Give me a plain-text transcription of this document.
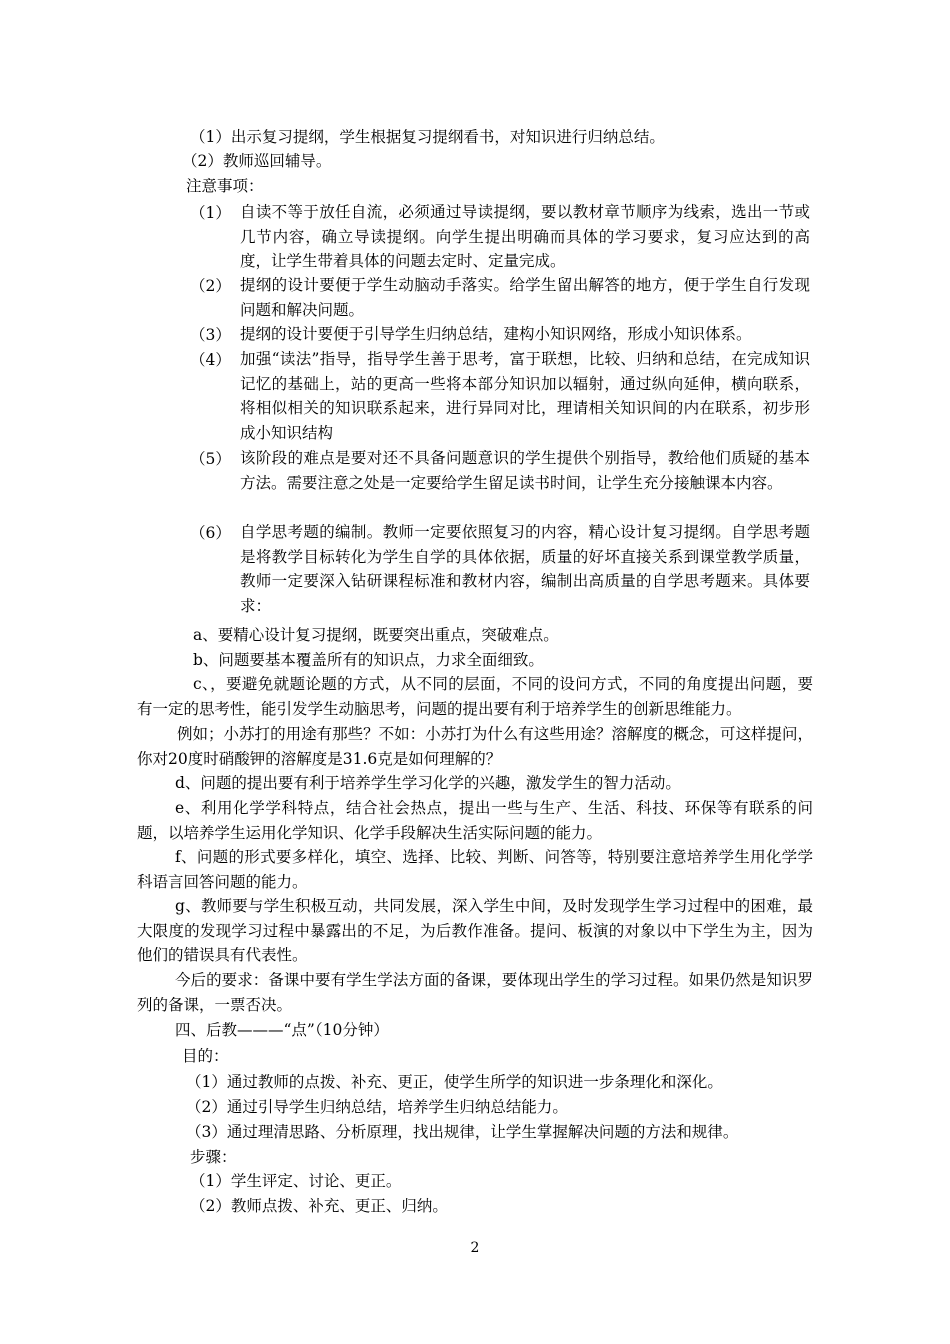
（1）出示复习提纲，学生根据复习提纲看书，对知识进行归纳总结。
（2）教师巡回辅导。
注意事项：
（1） 自读不等于放任自流，必须通过导读提纲，要以教材章节顺序为线索，选出一节或几节内容，确立导读提纲。向学生提出明确而具体的学习要求，复习应达到的高度，让学生带着具体的问题去定时、定量完成。
（2） 提纲的设计要便于学生动脑动手落实。给学生留出解答的地方，便于学生自行发现问题和解决问题。
（3） 提纲的设计要便于引导学生归纳总结，建构小知识网络，形成小知识体系。
（4） 加强“读法”指导，指导学生善于思考，富于联想，比较、归纳和总结，在完成知识记忆的基础上，站的更高一些将本部分知识加以辐射，通过纵向延伸，横向联系，将相似相关的知识联系起来，进行异同对比，理请相关知识间的内在联系，初步形成小知识结构
（5） 该阶段的难点是要对还不具备问题意识的学生提供个别指导，教给他们质疑的基本方法。需要注意之处是一定要给学生留足读书时间，让学生充分接触课本内容。
（6） 自学思考题的编制。教师一定要依照复习的内容，精心设计复习提纲。自学思考题是将教学目标转化为学生自学的具体依据，质量的好坏直接关系到课堂教学质量，教师一定要深入钻研课程标准和教材内容，编制出高质量的自学思考题来。具体要求：
a、要精心设计复习提纲，既要突出重点，突破难点。
b、问题要基本覆盖所有的知识点，力求全面细致。
c、，要避免就题论题的方式，从不同的层面，不同的设问方式，不同的角度提出问题，要有一定的思考性，能引发学生动脑思考，问题的提出要有利于培养学生的创新思维能力。
例如；小苏打的用途有那些？不如：小苏打为什么有这些用途？溶解度的概念，可这样提问，你对20度时硝酸钾的溶解度是31.6克是如何理解的？
d、问题的提出要有利于培养学生学习化学的兴趣，激发学生的智力活动。
e、利用化学学科特点，结合社会热点，提出一些与生产、生活、科技、环保等有联系的问题，以培养学生运用化学知识、化学手段解决生活实际问题的能力。
f、问题的形式要多样化，填空、选择、比较、判断、问答等，特别要注意培养学生用化学学科语言回答问题的能力。
g、教师要与学生积极互动，共同发展，深入学生中间，及时发现学生学习过程中的困难，最大限度的发现学习过程中暴露出的不足，为后教作准备。提问、板演的对象以中下学生为主，因为他们的错误具有代表性。
今后的要求：备课中要有学生学法方面的备课，要体现出学生的学习过程。如果仍然是知识罗列的备课，一票否决。
四、后教———“点”（10分钟）
目的：
（1）通过教师的点拨、补充、更正，使学生所学的知识进一步条理化和深化。
（2）通过引导学生归纳总结，培养学生归纳总结能力。
（3）通过理清思路、分析原理，找出规律，让学生掌握解决问题的方法和规律。
步骤：
（1）学生评定、讨论、更正。
（2）教师点拨、补充、更正、归纳。
2
